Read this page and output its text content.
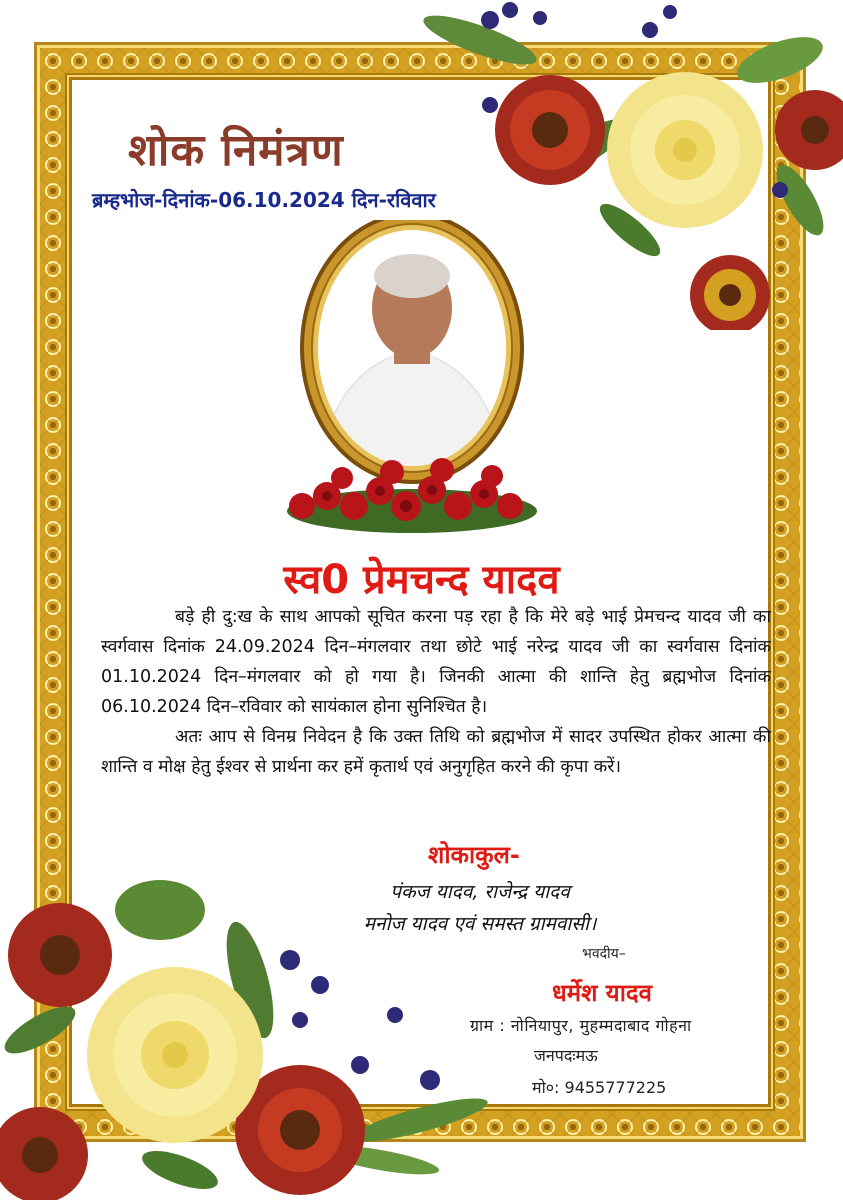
शोक निमंत्रण
ब्रम्हभोज-दिनांक-06.10.2024 दिन-रविवार
स्व0 प्रेमचन्द यादव

बड़े ही दु:ख के साथ आपको सूचित करना पड़ रहा है कि मेरे बड़े भाई प्रेमचन्द यादव जी का स्वर्गवास दिनांक 24.09.2024 दिन–मंगलवार तथा छोटे भाई नरेन्द्र यादव जी का स्वर्गवास दिनांक 01.10.2024 दिन–मंगलवार को हो गया है। जिनकी आत्मा की शान्ति हेतु ब्रह्मभोज दिनांक 06.10.2024 दिन–रविवार को सायंकाल होना सुनिश्चित है।

अतः आप से विनम्र निवेदन है कि उक्त तिथि को ब्रह्मभोज में सादर उपस्थित होकर आत्मा की शान्ति व मोक्ष हेतु ईश्वर से प्रार्थना कर हमें कृतार्थ एवं अनुगृहित करने की कृपा करें।

शोकाकुल-
पंकज यादव, राजेन्द्र यादव
मनोज यादव एवं समस्त ग्रामवासी।
भवदीय–
धर्मेश यादव
ग्राम : नोनियापुर, मुहम्मदाबाद गोहना
जनपदःमऊ
मो०: 9455777225
